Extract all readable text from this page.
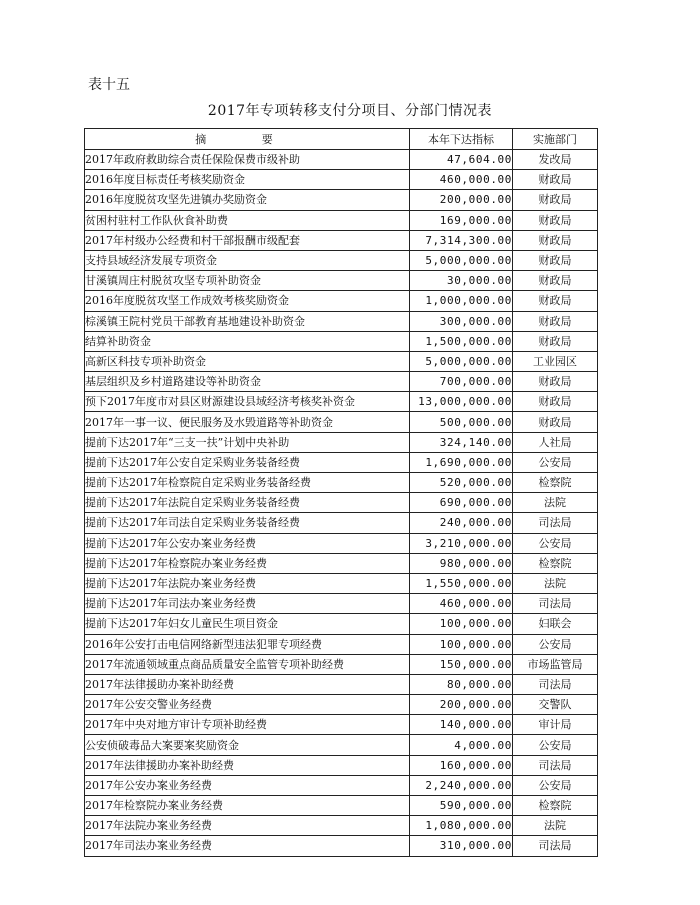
表十五
2017年专项转移支付分项目、分部门情况表
摘 要	本年下达指标	实施部门
2017年政府救助综合责任保险保费市级补助	47,604.00	发改局
2016年度目标责任考核奖励资金	460,000.00	财政局
2016年度脱贫攻坚先进镇办奖励资金	200,000.00	财政局
贫困村驻村工作队伙食补助费	169,000.00	财政局
2017年村级办公经费和村干部报酬市级配套	7,314,300.00	财政局
支持县域经济发展专项资金	5,000,000.00	财政局
甘溪镇周庄村脱贫攻坚专项补助资金	30,000.00	财政局
2016年度脱贫攻坚工作成效考核奖励资金	1,000,000.00	财政局
棕溪镇王院村党员干部教育基地建设补助资金	300,000.00	财政局
结算补助资金	1,500,000.00	财政局
高新区科技专项补助资金	5,000,000.00	工业园区
基层组织及乡村道路建设等补助资金	700,000.00	财政局
预下2017年度市对县区财源建设县域经济考核奖补资金	13,000,000.00	财政局
2017年一事一议、便民服务及水毁道路等补助资金	500,000.00	财政局
提前下达2017年“三支一扶”计划中央补助	324,140.00	人社局
提前下达2017年公安自定采购业务装备经费	1,690,000.00	公安局
提前下达2017年检察院自定采购业务装备经费	520,000.00	检察院
提前下达2017年法院自定采购业务装备经费	690,000.00	法院
提前下达2017年司法自定采购业务装备经费	240,000.00	司法局
提前下达2017年公安办案业务经费	3,210,000.00	公安局
提前下达2017年检察院办案业务经费	980,000.00	检察院
提前下达2017年法院办案业务经费	1,550,000.00	法院
提前下达2017年司法办案业务经费	460,000.00	司法局
提前下达2017年妇女儿童民生项目资金	100,000.00	妇联会
2016年公安打击电信网络新型违法犯罪专项经费	100,000.00	公安局
2017年流通领域重点商品质量安全监管专项补助经费	150,000.00	市场监管局
2017年法律援助办案补助经费	80,000.00	司法局
2017年公安交警业务经费	200,000.00	交警队
2017年中央对地方审计专项补助经费	140,000.00	审计局
公安侦破毒品大案要案奖励资金	4,000.00	公安局
2017年法律援助办案补助经费	160,000.00	司法局
2017年公安办案业务经费	2,240,000.00	公安局
2017年检察院办案业务经费	590,000.00	检察院
2017年法院办案业务经费	1,080,000.00	法院
2017年司法办案业务经费	310,000.00	司法局
